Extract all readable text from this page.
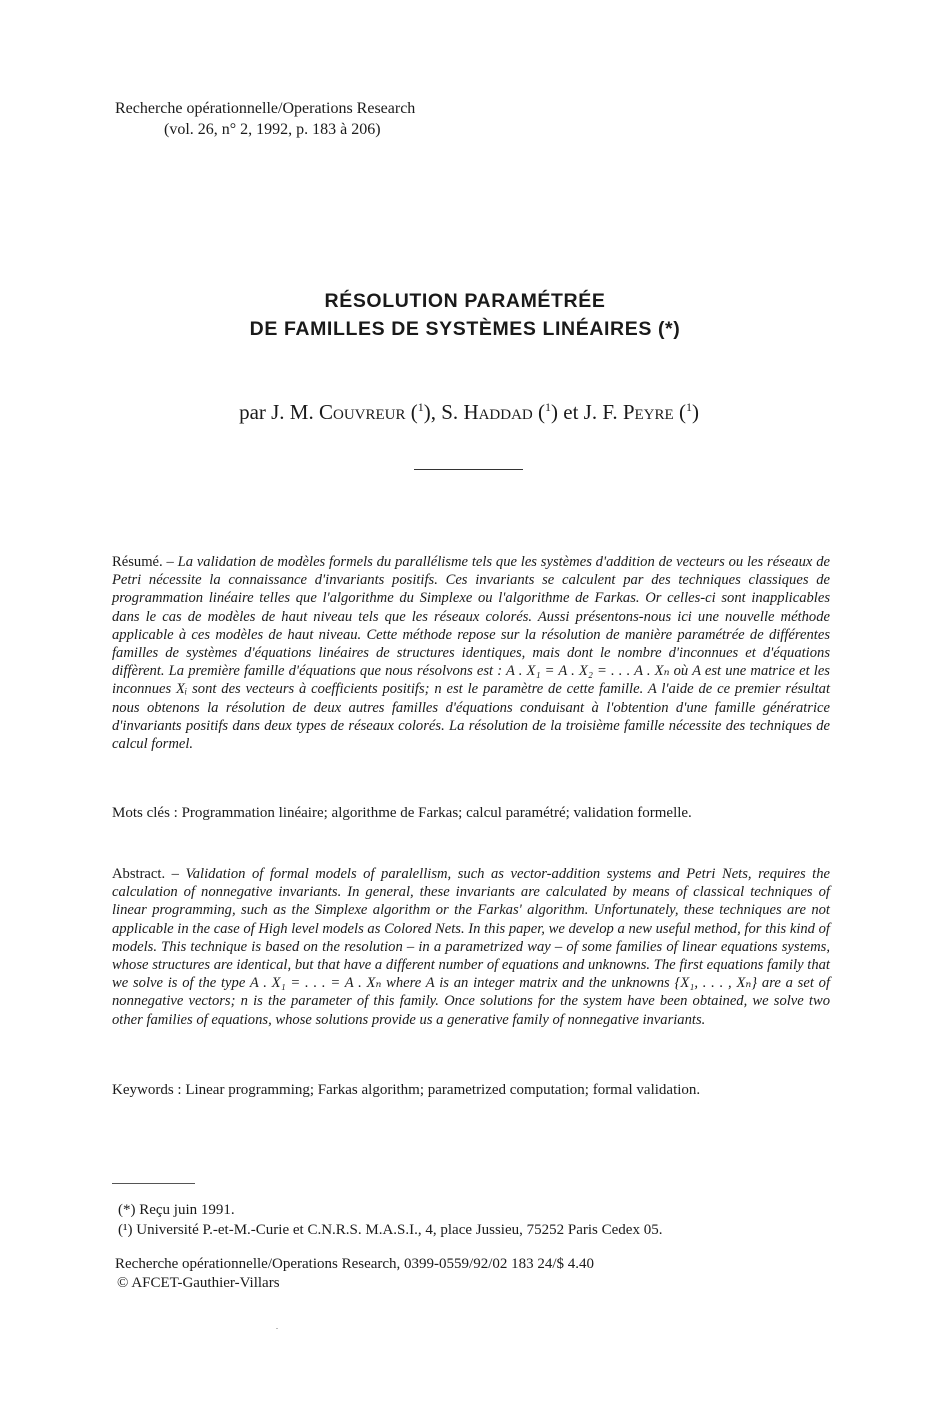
Recherche opérationnelle/Operations Research
(vol. 26, n° 2, 1992, p. 183 à 206)
RÉSOLUTION PARAMÉTRÉE
DE FAMILLES DE SYSTÈMES LINÉAIRES (*)
par J. M. Couvreur ($^1$), S. Haddad ($^1$) et J. F. Peyre ($^1$)
Résumé. – La validation de modèles formels du parallélisme tels que les systèmes d'addition de vecteurs ou les réseaux de Petri nécessite la connaissance d'invariants positifs. Ces invariants se calculent par des techniques classiques de programmation linéaire telles que l'algorithme du Simplexe ou l'algorithme de Farkas. Or celles-ci sont inapplicables dans le cas de modèles de haut niveau tels que les réseaux colorés. Aussi présentons-nous ici une nouvelle méthode applicable à ces modèles de haut niveau. Cette méthode repose sur la résolution de manière paramétrée de différentes familles de systèmes d'équations linéaires de structures identiques, mais dont le nombre d'inconnues et d'équations diffèrent. La première famille d'équations que nous résolvons est : A . X₁ = A . X₂ = . . . A . Xₙ où A est une matrice et les inconnues Xᵢ sont des vecteurs à coefficients positifs; n est le paramètre de cette famille. A l'aide de ce premier résultat nous obtenons la résolution de deux autres familles d'équations conduisant à l'obtention d'une famille génératrice d'invariants positifs dans deux types de réseaux colorés. La résolution de la troisième famille nécessite des techniques de calcul formel.
Mots clés : Programmation linéaire; algorithme de Farkas; calcul paramétré; validation formelle.
Abstract. – Validation of formal models of paralellism, such as vector-addition systems and Petri Nets, requires the calculation of nonnegative invariants. In general, these invariants are calculated by means of classical techniques of linear programming, such as the Simplexe algorithm or the Farkas' algorithm. Unfortunately, these techniques are not applicable in the case of High level models as Colored Nets. In this paper, we develop a new useful method, for this kind of models. This technique is based on the resolution – in a parametrized way – of some families of linear equations systems, whose structures are identical, but that have a different number of equations and unknowns. The first equations family that we solve is of the type A . X₁ = . . . = A . Xₙ where A is an integer matrix and the unknowns {X₁, . . . , Xₙ} are a set of nonnegative vectors; n is the parameter of this family. Once solutions for the system have been obtained, we solve two other families of equations, whose solutions provide us a generative family of nonnegative invariants.
Keywords : Linear programming; Farkas algorithm; parametrized computation; formal validation.
(*) Reçu juin 1991.
(¹) Université P.-et-M.-Curie et C.N.R.S. M.A.S.I., 4, place Jussieu, 75252 Paris Cedex 05.
Recherche opérationnelle/Operations Research, 0399-0559/92/02 183 24/$ 4.40
© AFCET-Gauthier-Villars
